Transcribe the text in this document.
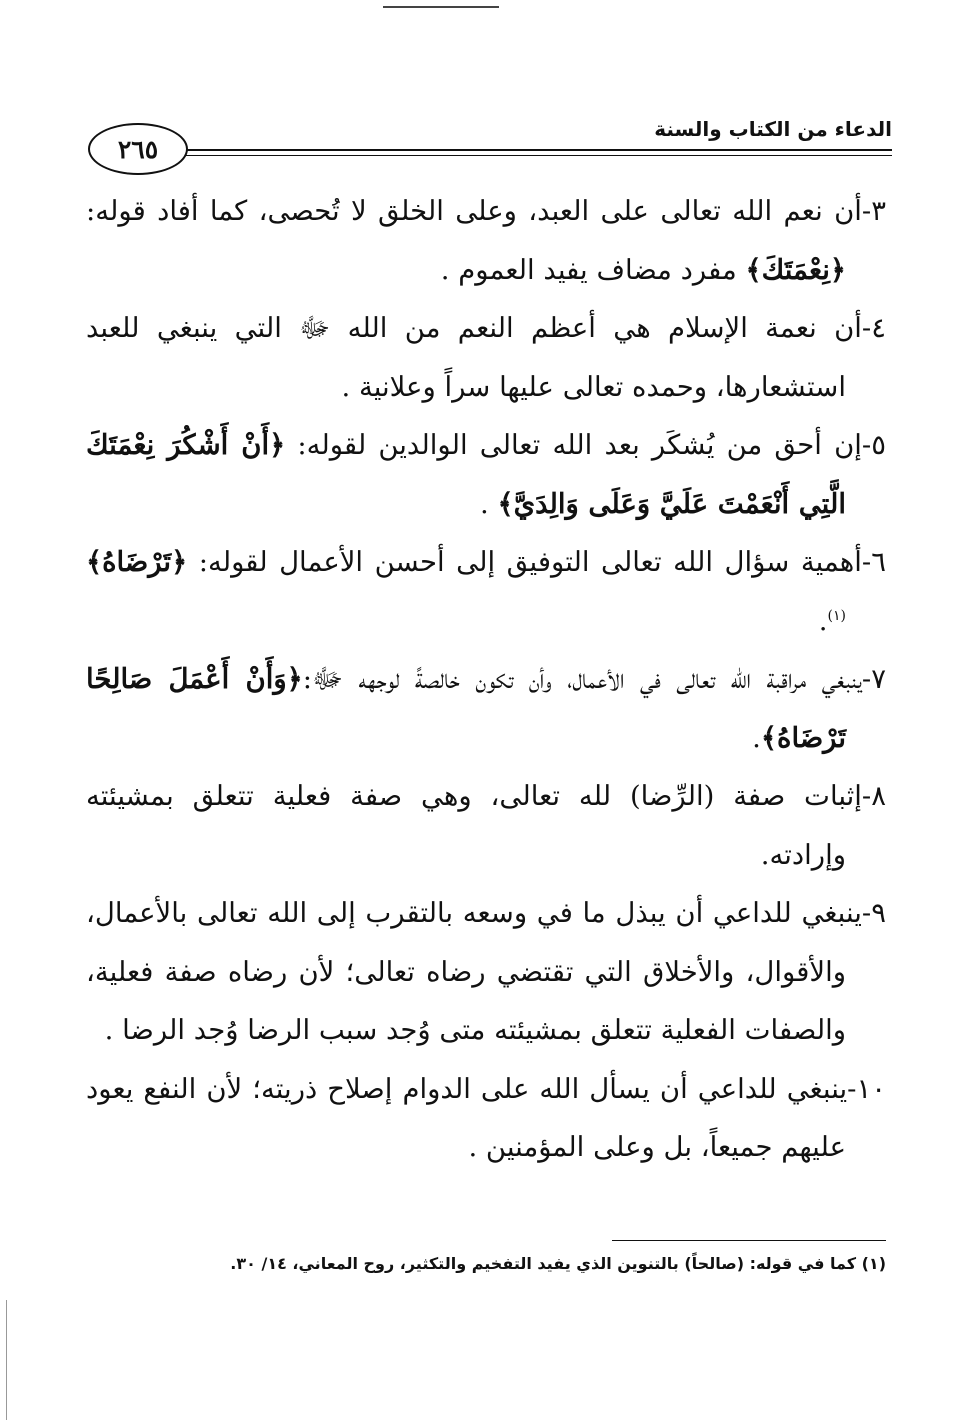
الدعاء من الكتاب والسنة
٢٦٥

٣-أن نعم الله تعالى على العبد، وعلى الخلق لا تُحصى، كما أفاد قوله: ﴿نِعْمَتَكَ﴾ مفرد مضاف يفيد العموم .

٤-أن نعمة الإسلام هي أعظم النعم من الله ﷻ التي ينبغي للعبد استشعارها، وحمده تعالى عليها سراً وعلانية .

٥-إن أحق من يُشكَر بعد الله تعالى الوالدين لقوله: ﴿أَنْ أَشْكُرَ نِعْمَتَكَ الَّتِي أَنْعَمْتَ عَلَيَّ وَعَلَى وَالِدَيَّ﴾ .

٦-أهمية سؤال الله تعالى التوفيق إلى أحسن الأعمال لقوله: ﴿تَرْضَاهُ﴾$^{(١)}$.

٧-ينبغي مراقبة الله تعالى في الأعمال، وأن تكون خالصةً لوجهه ﷻ:﴿وَأَنْ أَعْمَلَ صَالِحًا تَرْضَاهُ﴾.

٨-إثبات صفة (الرِّضا) لله تعالى، وهي صفة فعلية تتعلق بمشيئته وإرادته.

٩-ينبغي للداعي أن يبذل ما في وسعه بالتقرب إلى الله تعالى بالأعمال، والأقوال، والأخلاق التي تقتضي رضاه تعالى؛ لأن رضاه صفة فعلية، والصفات الفعلية تتعلق بمشيئته متى وُجد سبب الرضا وُجد الرضا .

١٠-ينبغي للداعي أن يسأل الله على الدوام إصلاح ذريته؛ لأن النفع يعود عليهم جميعاً، بل وعلى المؤمنين .

(١) كما في قوله: (صالحاً) بالتنوين الذي يفيد التفخيم والتكثير، روح المعاني، ١٤/ ٣٠.
